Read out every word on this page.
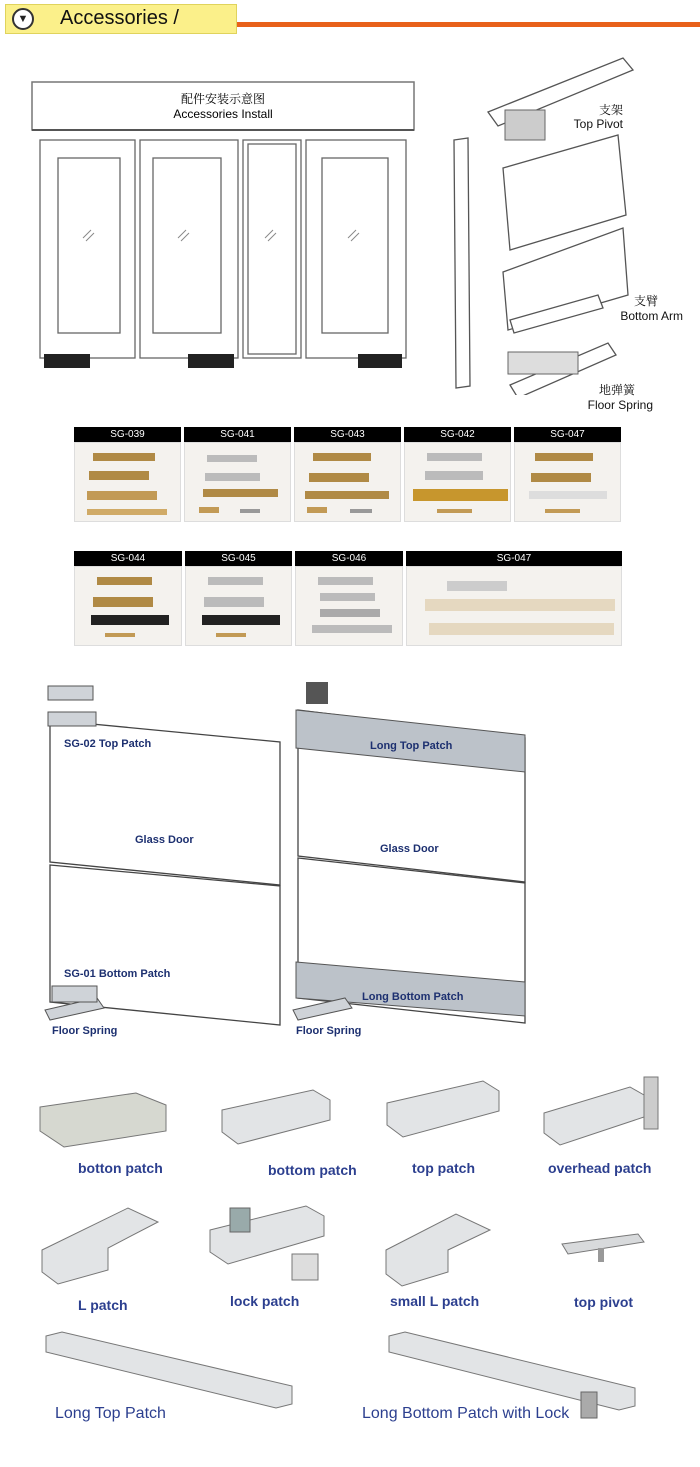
▼ Accessories /
配件安装示意图
Accessories Install	支架
Top Pivot
支臂
Bottom Arm
地弹簧
Floor Spring
SG-039	SG-041	SG-043	SG-042	SG-047
SG-044	SG-045	SG-046	SG-047
SG-02 Top Patch
Glass Door
SG-01 Bottom Patch
Floor Spring
Long Top Patch
Glass Door
Long Bottom Patch
Floor Spring
botton patch	bottom patch	top patch	overhead patch
L patch	lock patch	small L patch	top pivot
Long Top Patch	Long Bottom Patch with Lock
